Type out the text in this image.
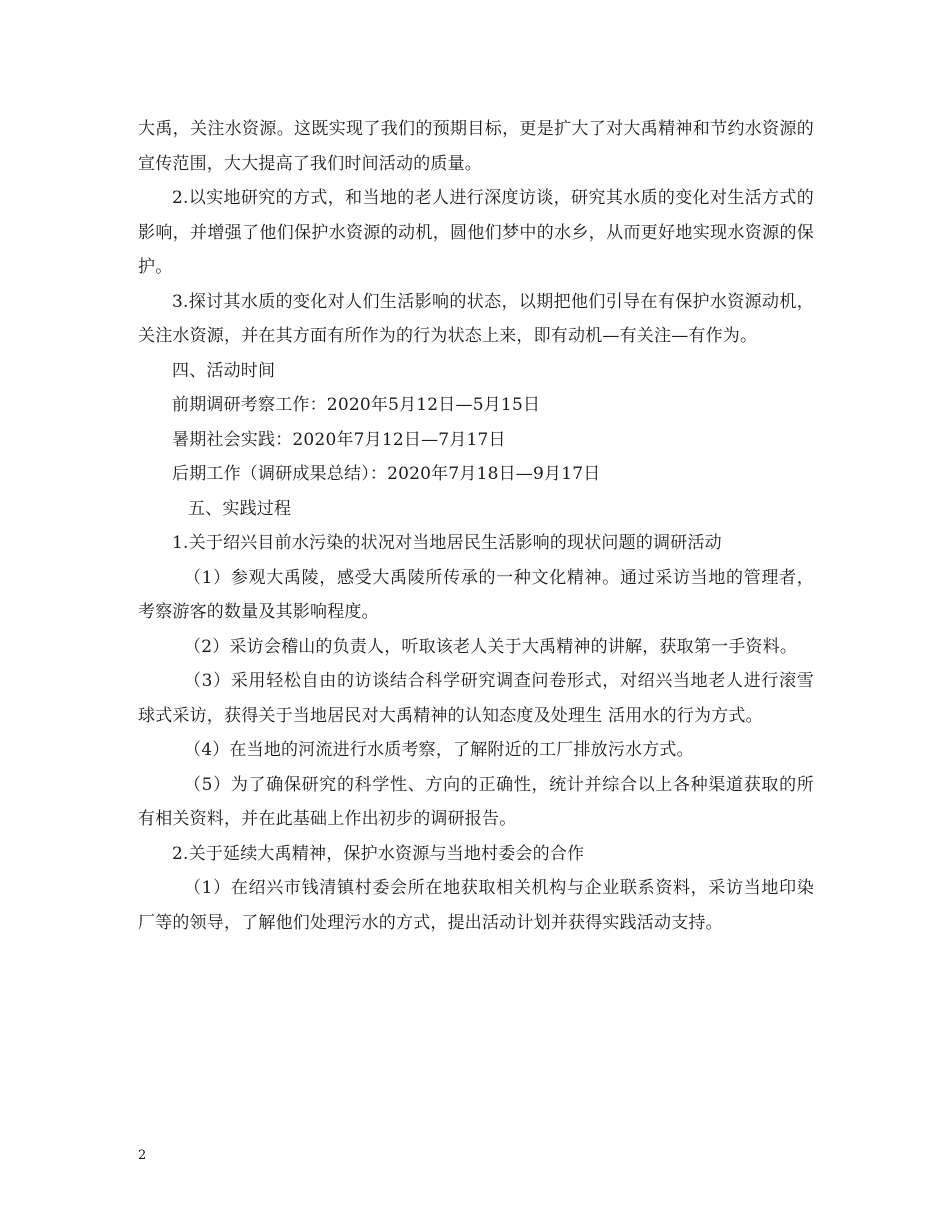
大禹，关注水资源。这既实现了我们的预期目标，更是扩大了对大禹精神和节约水资源的宣传范围，大大提高了我们时间活动的质量。

2.以实地研究的方式，和当地的老人进行深度访谈，研究其水质的变化对生活方式的影响，并增强了他们保护水资源的动机，圆他们梦中的水乡，从而更好地实现水资源的保护。

3.探讨其水质的变化对人们生活影响的状态，以期把他们引导在有保护水资源动机，关注水资源，并在其方面有所作为的行为状态上来，即有动机—有关注—有作为。

四、活动时间

前期调研考察工作：2020年5月12日—5月15日

暑期社会实践：2020年7月12日—7月17日

后期工作（调研成果总结）：2020年7月18日—9月17日

五、实践过程

1.关于绍兴目前水污染的状况对当地居民生活影响的现状问题的调研活动

（1）参观大禹陵，感受大禹陵所传承的一种文化精神。通过采访当地的管理者，考察游客的数量及其影响程度。

（2）采访会稽山的负责人，听取该老人关于大禹精神的讲解，获取第一手资料。

（3）采用轻松自由的访谈结合科学研究调查问卷形式，对绍兴当地老人进行滚雪球式采访，获得关于当地居民对大禹精神的认知态度及处理生 活用水的行为方式。

（4）在当地的河流进行水质考察，了解附近的工厂排放污水方式。

（5）为了确保研究的科学性、方向的正确性，统计并综合以上各种渠道获取的所有相关资料，并在此基础上作出初步的调研报告。

2.关于延续大禹精神，保护水资源与当地村委会的合作

（1）在绍兴市钱清镇村委会所在地获取相关机构与企业联系资料，采访当地印染厂等的领导，了解他们处理污水的方式，提出活动计划并获得实践活动支持。

2
